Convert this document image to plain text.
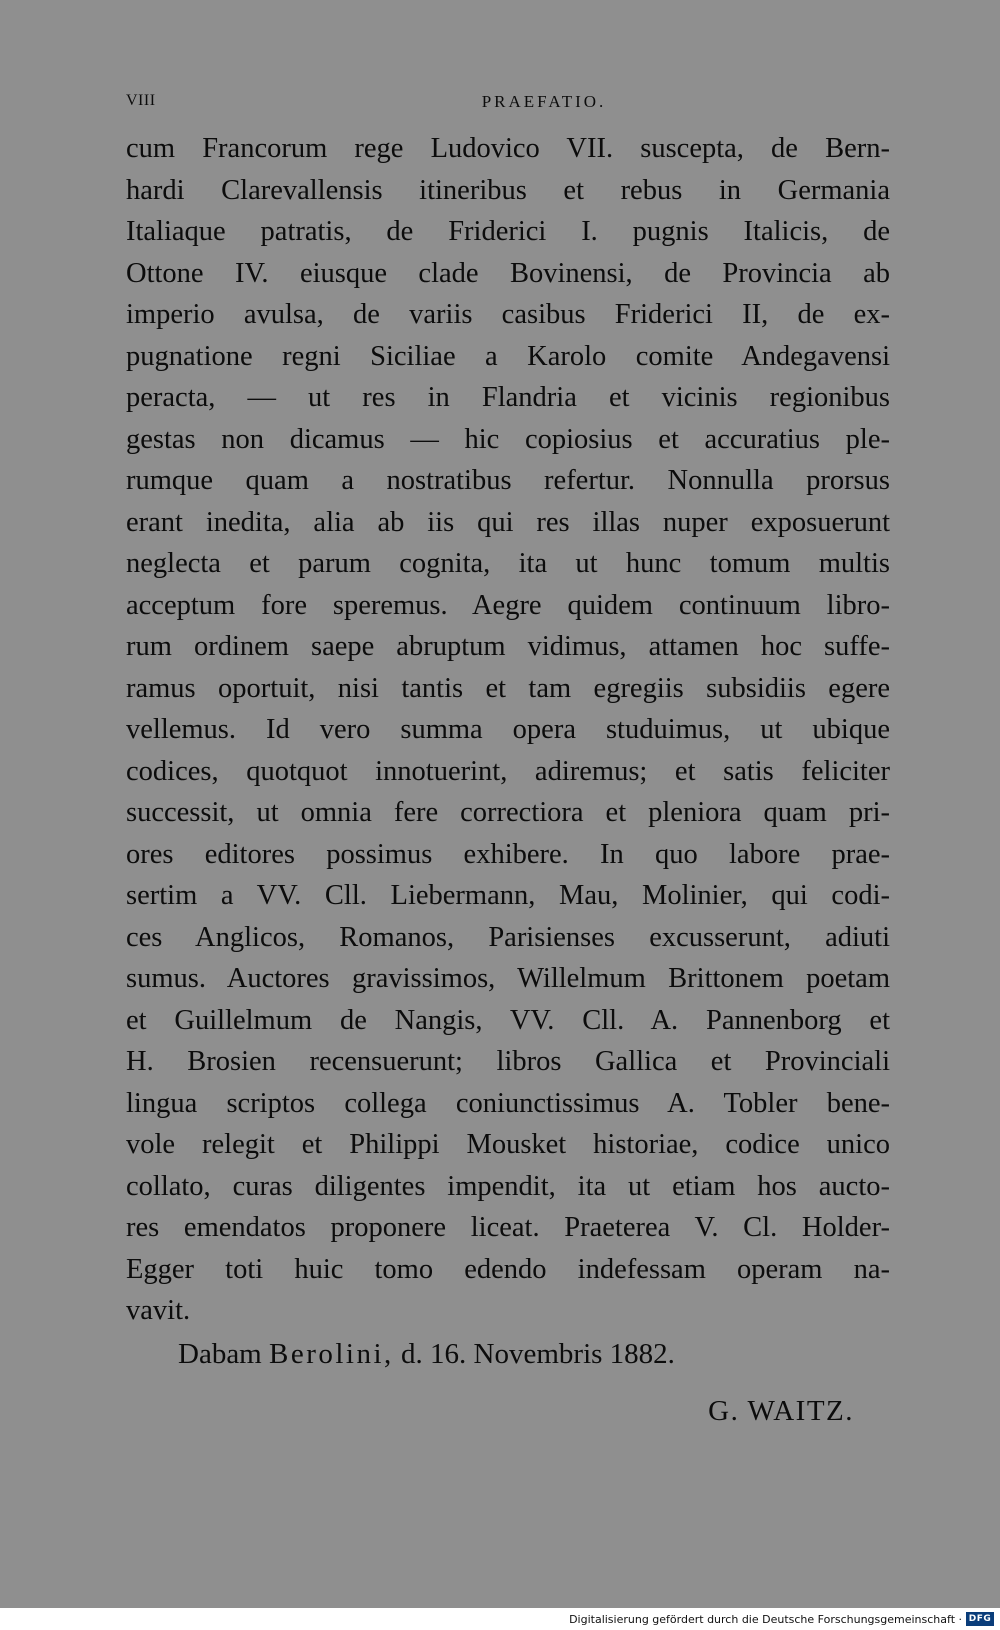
VIII	PRAEFATIO.
cum Francorum rege Ludovico VII. suscepta, de Bern-
hardi Clarevallensis itineribus et rebus in Germania
Italiaque patratis, de Friderici I. pugnis Italicis, de
Ottone IV. eiusque clade Bovinensi, de Provincia ab
imperio avulsa, de variis casibus Friderici II, de ex-
pugnatione regni Siciliae a Karolo comite Andegavensi
peracta, — ut res in Flandria et vicinis regionibus
gestas non dicamus — hic copiosius et accuratius ple-
rumque quam a nostratibus refertur. Nonnulla prorsus
erant inedita, alia ab iis qui res illas nuper exposuerunt
neglecta et parum cognita, ita ut hunc tomum multis
acceptum fore speremus. Aegre quidem continuum libro-
rum ordinem saepe abruptum vidimus, attamen hoc suffe-
ramus oportuit, nisi tantis et tam egregiis subsidiis egere
vellemus. Id vero summa opera studuimus, ut ubique
codices, quotquot innotuerint, adiremus; et satis feliciter
successit, ut omnia fere correctiora et pleniora quam pri-
ores editores possimus exhibere. In quo labore prae-
sertim a VV. Cll. Liebermann, Mau, Molinier, qui codi-
ces Anglicos, Romanos, Parisienses excusserunt, adiuti
sumus. Auctores gravissimos, Willelmum Brittonem poetam
et Guillelmum de Nangis, VV. Cll. A. Pannenborg et
H. Brosien recensuerunt; libros Gallica et Provinciali
lingua scriptos collega coniunctissimus A. Tobler bene-
vole relegit et Philippi Mousket historiae, codice unico
collato, curas diligentes impendit, ita ut etiam hos aucto-
res emendatos proponere liceat. Praeterea V. Cl. Holder-
Egger toti huic tomo edendo indefessam operam na-
vavit.
Dabam Berolini, d. 16. Novembris 1882.
G. WAITZ.
Digitalisierung gefördert durch die Deutsche Forschungsgemeinschaft · DFG
